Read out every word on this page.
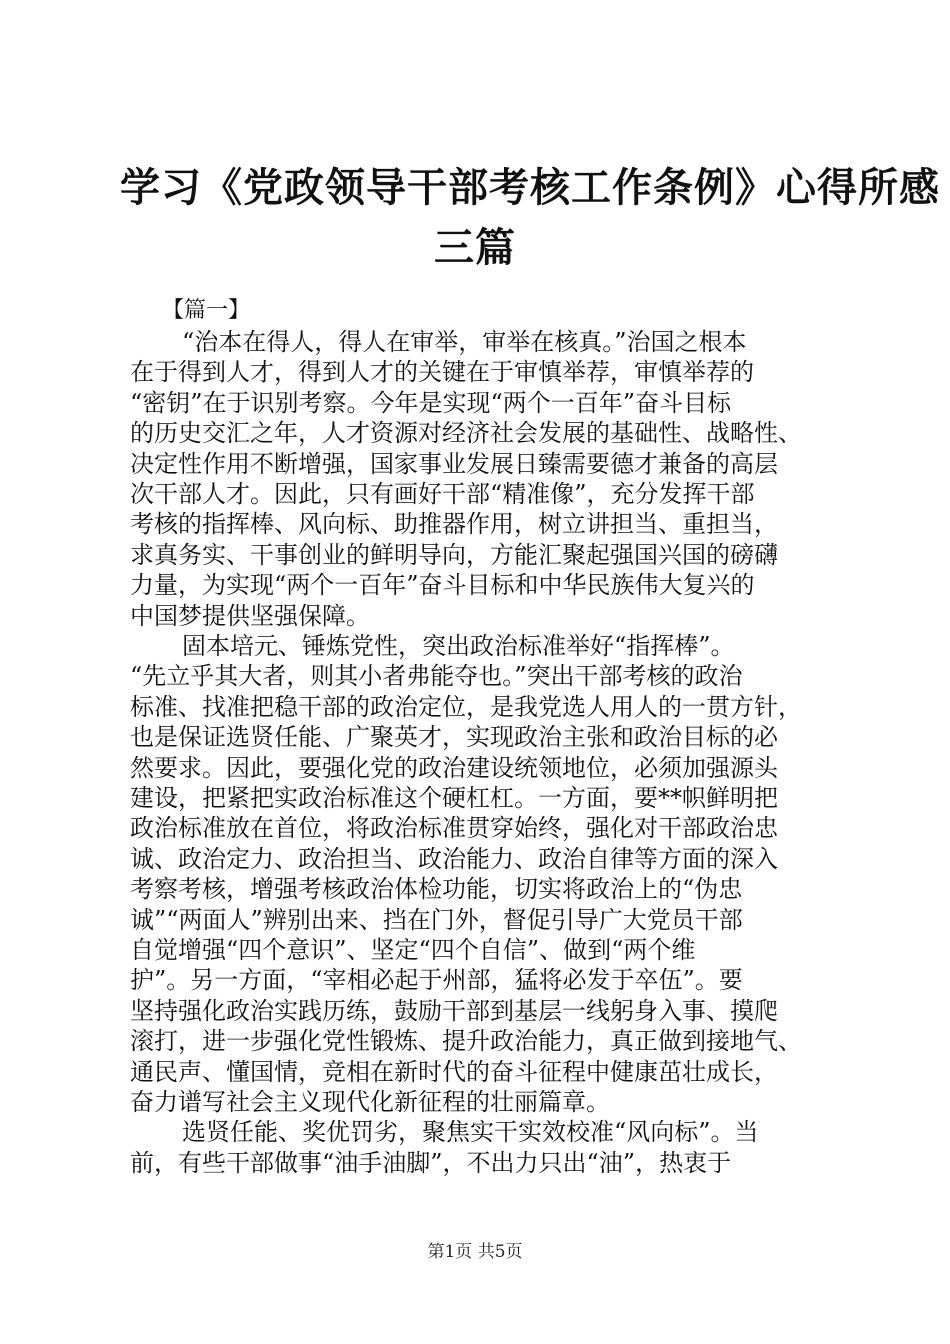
学习《党政领导干部考核工作条例》心得所感
三篇
【篇一】
“治本在得人，得人在审举，审举在核真。”治国之根本
在于得到人才，得到人才的关键在于审慎举荐，审慎举荐的
“密钥”在于识别考察。今年是实现“两个一百年”奋斗目标
的历史交汇之年，人才资源对经济社会发展的基础性、战略性、
决定性作用不断增强，国家事业发展日臻需要德才兼备的高层
次干部人才。因此，只有画好干部“精准像”，充分发挥干部
考核的指挥棒、风向标、助推器作用，树立讲担当、重担当，
求真务实、干事创业的鲜明导向，方能汇聚起强国兴国的磅礴
力量，为实现“两个一百年”奋斗目标和中华民族伟大复兴的
中国梦提供坚强保障。
固本培元、锤炼党性，突出政治标准举好“指挥棒”。
“先立乎其大者，则其小者弗能夺也。”突出干部考核的政治
标准、找准把稳干部的政治定位，是我党选人用人的一贯方针，
也是保证选贤任能、广聚英才，实现政治主张和政治目标的必
然要求。因此，要强化党的政治建设统领地位，必须加强源头
建设，把紧把实政治标准这个硬杠杠。一方面，要**帜鲜明把
政治标准放在首位，将政治标准贯穿始终，强化对干部政治忠
诚、政治定力、政治担当、政治能力、政治自律等方面的深入
考察考核，增强考核政治体检功能，切实将政治上的“伪忠
诚”“两面人”辨别出来、挡在门外，督促引导广大党员干部
自觉增强“四个意识”、坚定“四个自信”、做到“两个维
护”。另一方面，“宰相必起于州部，猛将必发于卒伍”。要
坚持强化政治实践历练，鼓励干部到基层一线躬身入事、摸爬
滚打，进一步强化党性锻炼、提升政治能力，真正做到接地气、
通民声、懂国情，竞相在新时代的奋斗征程中健康茁壮成长，
奋力谱写社会主义现代化新征程的壮丽篇章。
选贤任能、奖优罚劣，聚焦实干实效校准“风向标”。当
前，有些干部做事“油手油脚”，不出力只出“油”，热衷于
第1页 共5页
